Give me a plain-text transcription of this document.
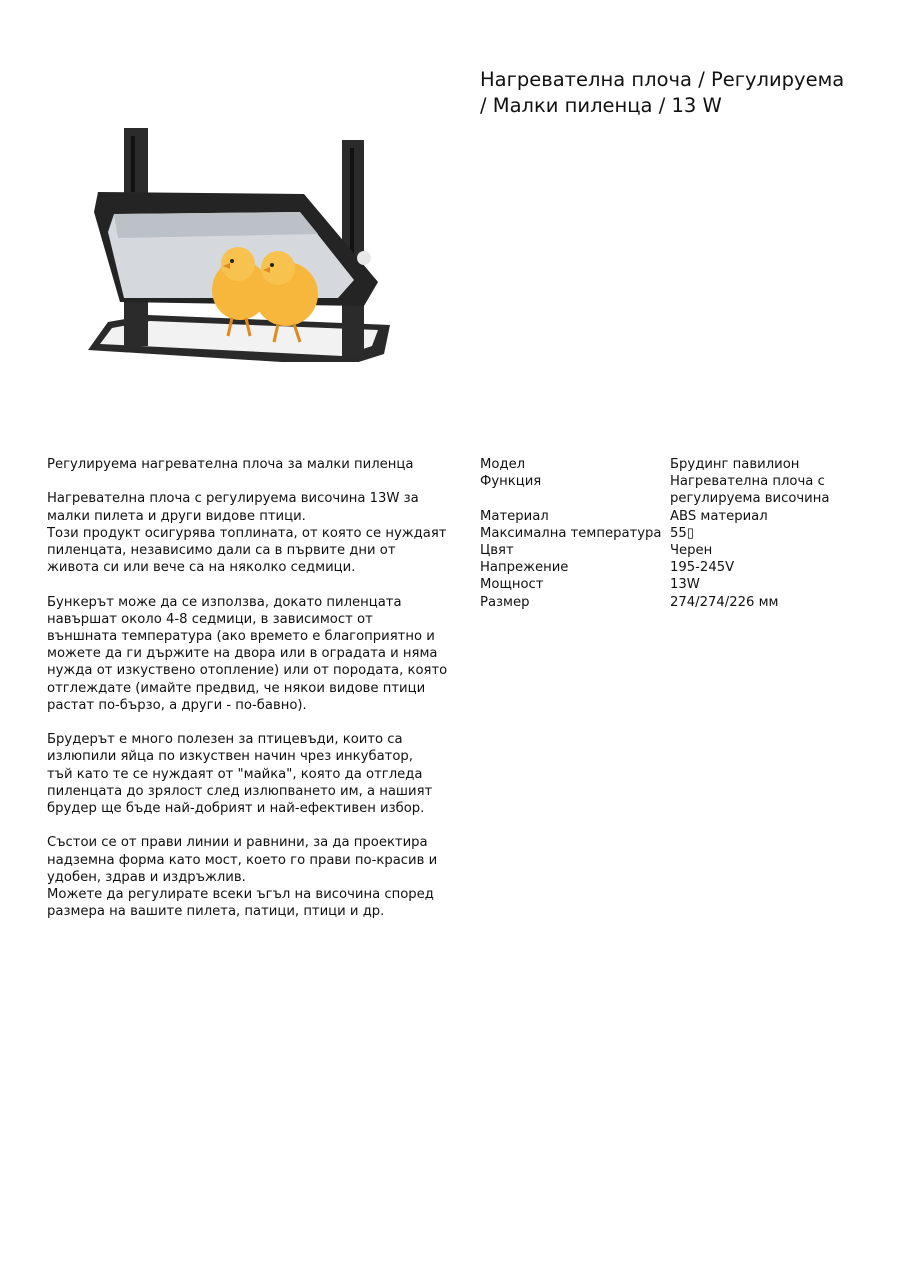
Нагревателна плоча / Регулируема
/ Малки пиленца / 13 W

Регулируема нагревателна плоча за малки пиленца

Нагревателна плоча с регулируема височина 13W за
малки пилета и други видове птици.
Този продукт осигурява топлината, от която се нуждаят
пиленцата, независимо дали са в първите дни от
живота си или вече са на няколко седмици.

Бункерът може да се използва, докато пиленцата
навършат около 4-8 седмици, в зависимост от
външната температура (ако времето е благоприятно и
можете да ги държите на двора или в оградата и няма
нужда от изкуствено отопление) или от породата, която
отглеждате (имайте предвид, че някои видове птици
растат по-бързо, а други - по-бавно).

Брудерът е много полезен за птицевъди, които са
излюпили яйца по изкуствен начин чрез инкубатор,
тъй като те се нуждаят от "майка", която да отгледа
пиленцата до зрялост след излюпването им, а нашият
брудер ще бъде най-добрият и най-ефективен избор.

Състои се от прави линии и равнини, за да проектира
надземна форма като мост, което го прави по-красив и
удобен, здрав и издръжлив.
Можете да регулирате всеки ъгъл на височина според
размера на вашите пилета, патици, птици и др.

Модел	Брудинг павилион

Функция	Нагревателна плоча с
регулируема височина

Материал	ABS материал

Максимална температура	55▯

Цвят	Черен

Напрежение	195-245V

Мощност	13W

Размер	274/274/226 мм
